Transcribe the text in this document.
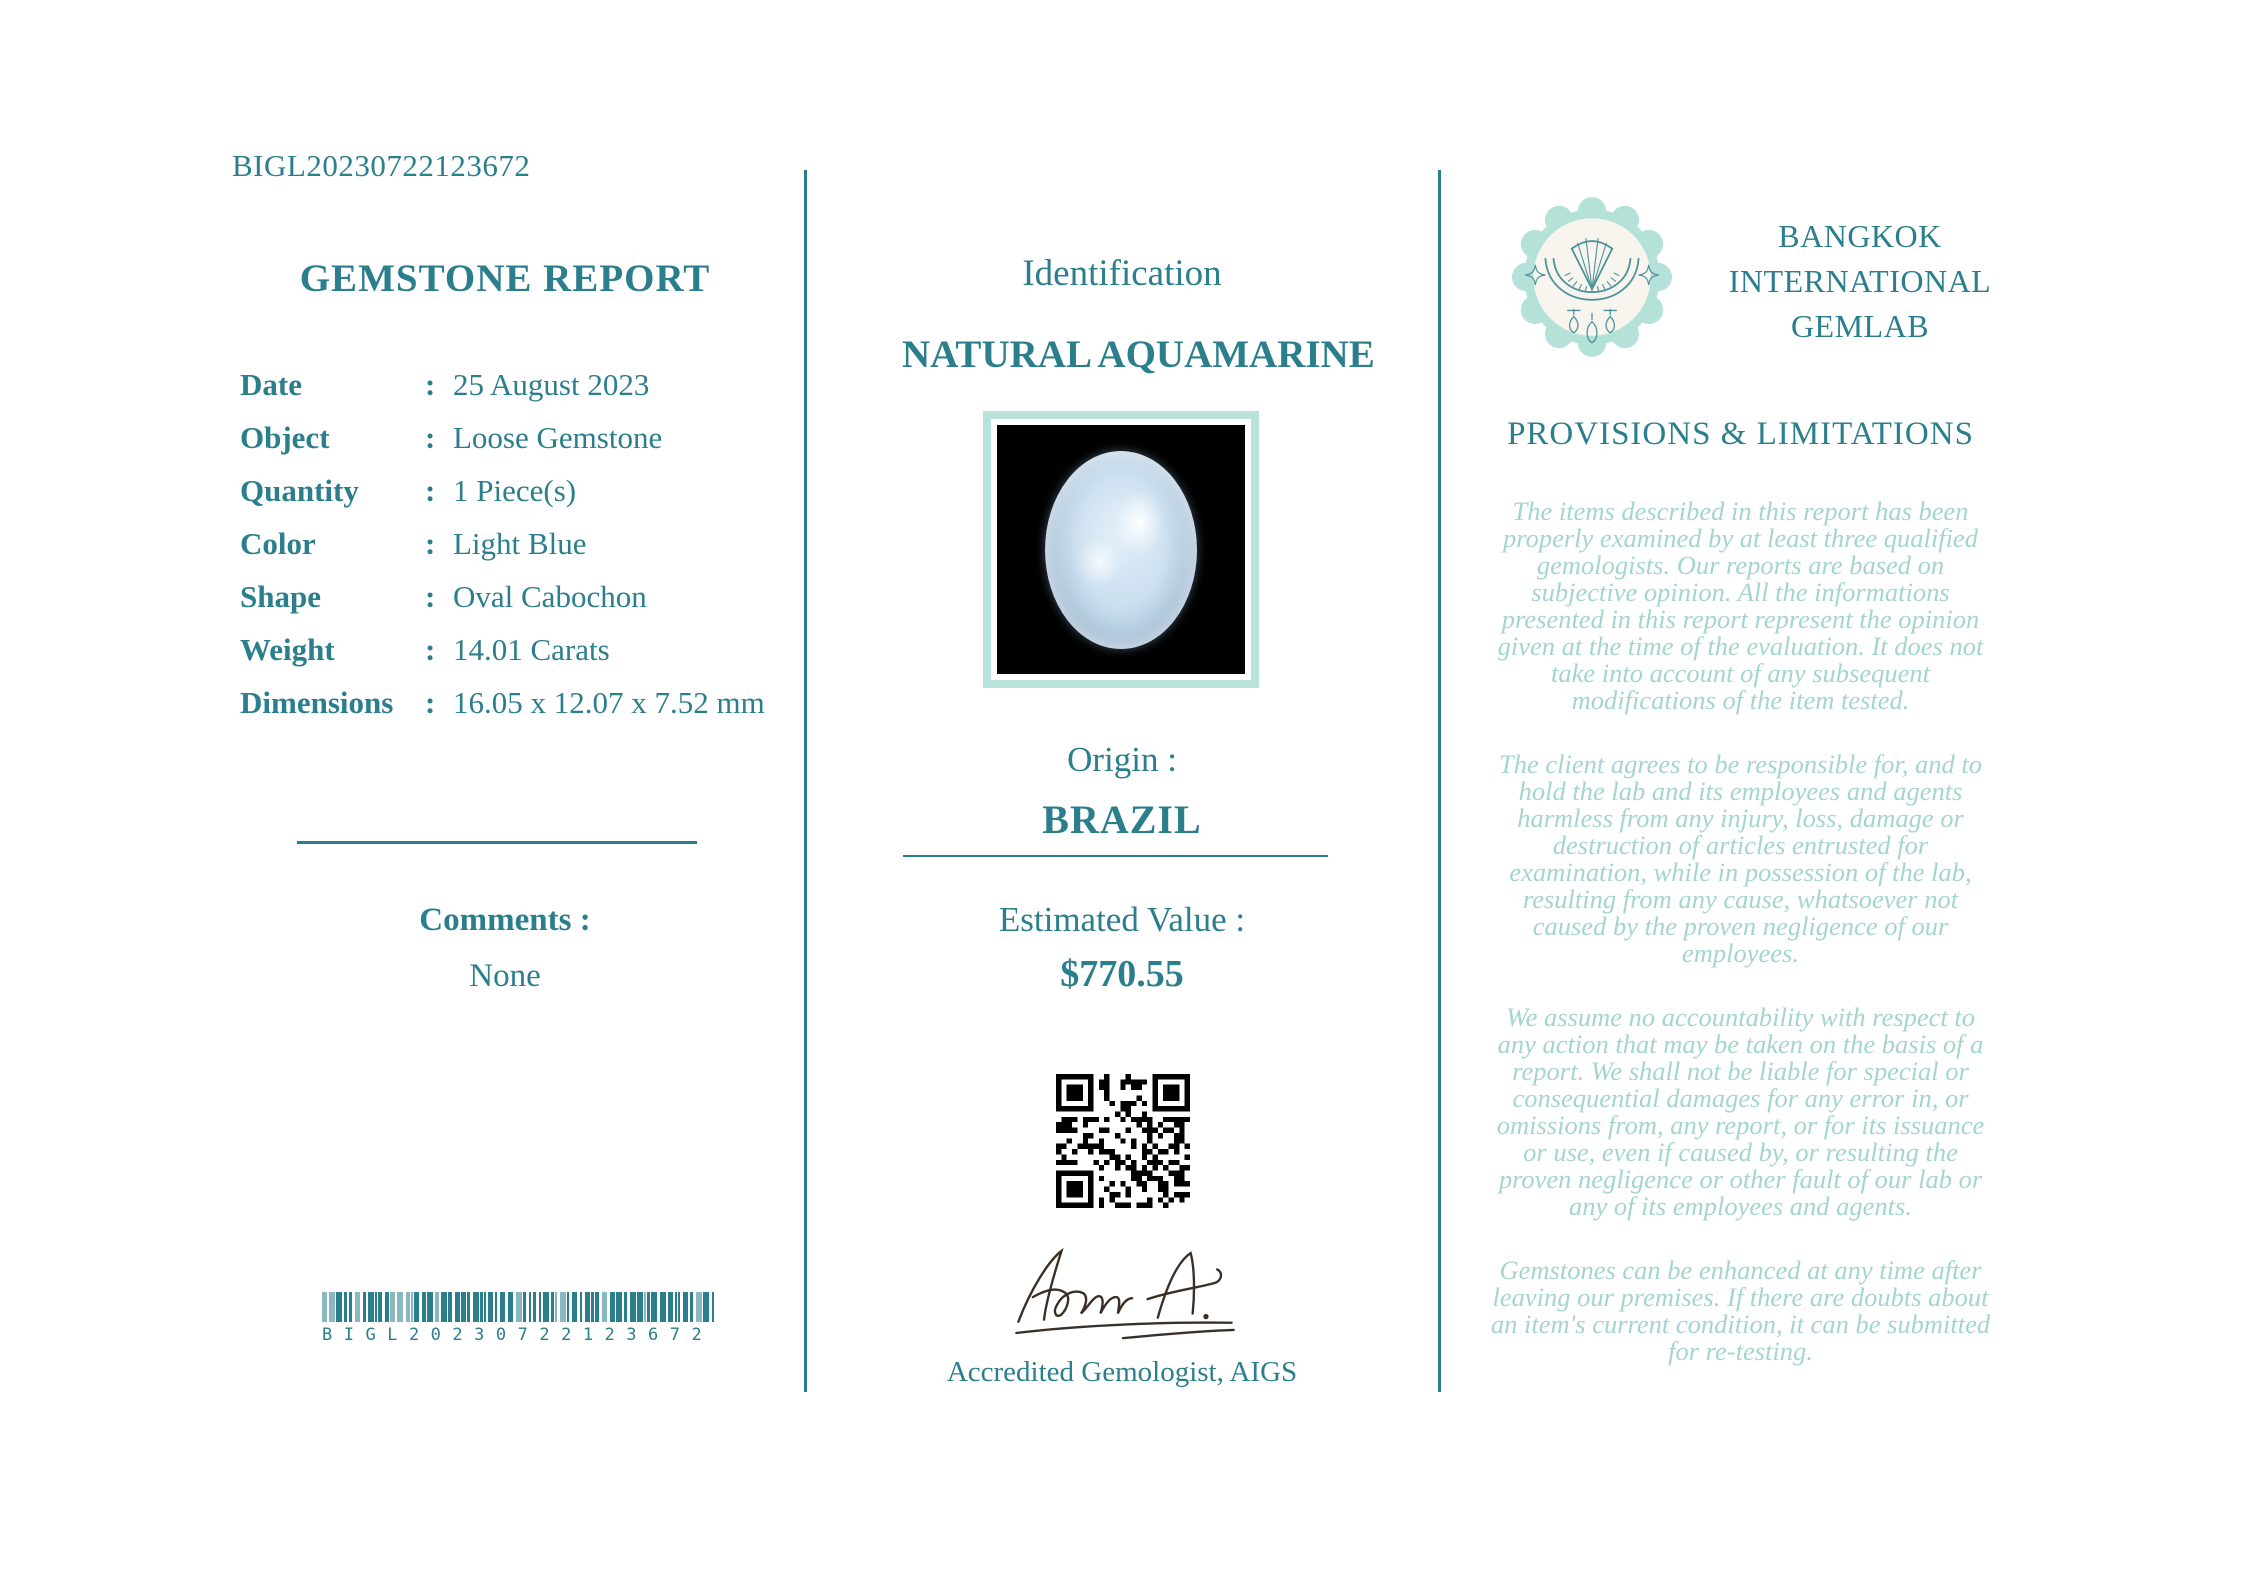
BIGL20230722123672
GEMSTONE REPORT
Date	: 25 August 2023
Object	: Loose Gemstone
Quantity	: 1 Piece(s)
Color	: Light Blue
Shape	: Oval Cabochon
Weight	: 14.01 Carats
Dimensions	: 16.05 x 12.07 x 7.52 mm
Comments :
None
BIGL20230722123672
Identification
NATURAL AQUAMARINE
Origin :
BRAZIL
Estimated Value :
$770.55
Accredited Gemologist, AIGS
BANGKOK INTERNATIONAL GEMLAB
PROVISIONS & LIMITATIONS

The items described in this report has been properly examined by at least three qualified gemologists. Our reports are based on subjective opinion. All the informations presented in this report represent the opinion given at the time of the evaluation. It does not take into account of any subsequent modifications of the item tested.

The client agrees to be responsible for, and to hold the lab and its employees and agents harmless from any injury, loss, damage or destruction of articles entrusted for examination, while in possession of the lab, resulting from any cause, whatsoever not caused by the proven negligence of our employees.

We assume no accountability with respect to any action that may be taken on the basis of a report. We shall not be liable for special or consequential damages for any error in, or omissions from, any report, or for its issuance or use, even if caused by, or resulting the proven negligence or other fault of our lab or any of its employees and agents.

Gemstones can be enhanced at any time after leaving our premises. If there are doubts about an item's current condition, it can be submitted for re-testing.
